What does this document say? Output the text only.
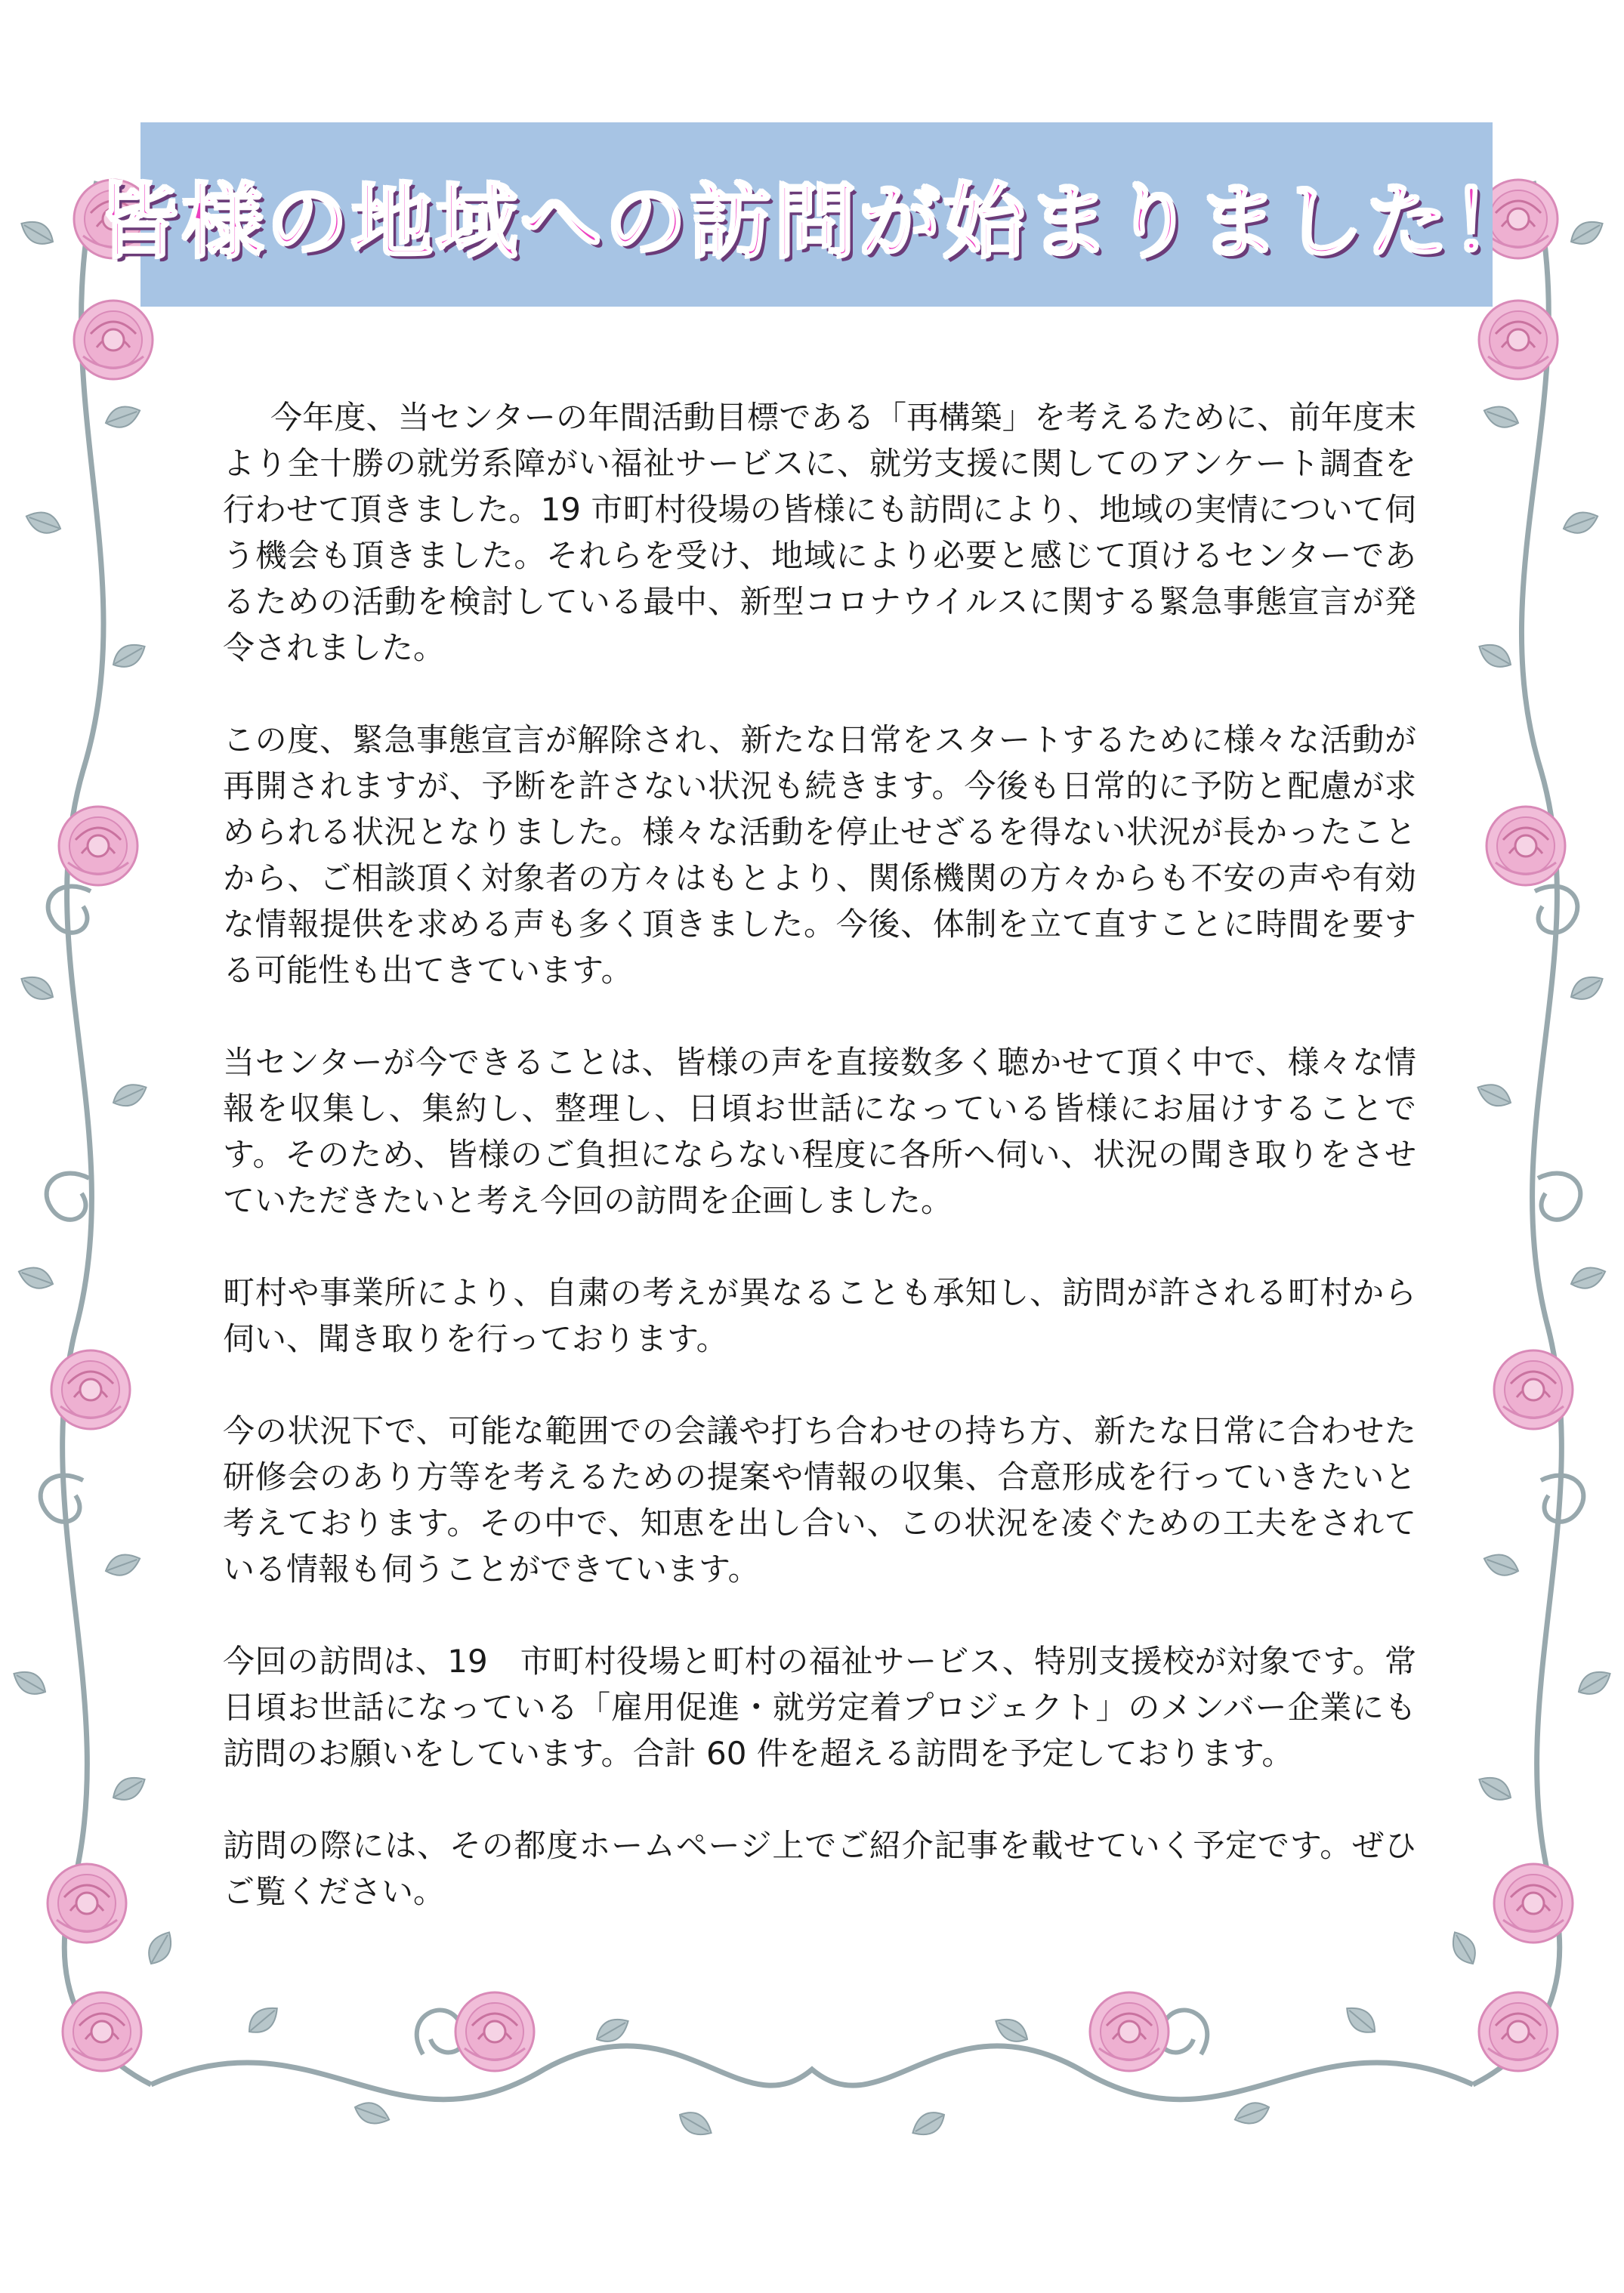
皆様の地域への訪問が始まりました！

今年度、当センターの年間活動目標である「再構築」を考えるために、前年度末より全十勝の就労系障がい福祉サービスに、就労支援に関してのアンケート調査を行わせて頂きました。19 市町村役場の皆様にも訪問により、地域の実情について伺う機会も頂きました。それらを受け、地域により必要と感じて頂けるセンターであるための活動を検討している最中、新型コロナウイルスに関する緊急事態宣言が発令されました。

この度、緊急事態宣言が解除され、新たな日常をスタートするために様々な活動が再開されますが、予断を許さない状況も続きます。今後も日常的に予防と配慮が求められる状況となりました。様々な活動を停止せざるを得ない状況が長かったことから、ご相談頂く対象者の方々はもとより、関係機関の方々からも不安の声や有効な情報提供を求める声も多く頂きました。今後、体制を立て直すことに時間を要する可能性も出てきています。

当センターが今できることは、皆様の声を直接数多く聴かせて頂く中で、様々な情報を収集し、集約し、整理し、日頃お世話になっている皆様にお届けすることです。そのため、皆様のご負担にならない程度に各所へ伺い、状況の聞き取りをさせていただきたいと考え今回の訪問を企画しました。

町村や事業所により、自粛の考えが異なることも承知し、訪問が許される町村から伺い、聞き取りを行っております。

今の状況下で、可能な範囲での会議や打ち合わせの持ち方、新たな日常に合わせた研修会のあり方等を考えるための提案や情報の収集、合意形成を行っていきたいと考えております。その中で、知恵を出し合い、この状況を凌ぐための工夫をされている情報も伺うことができています。

今回の訪問は、19　市町村役場と町村の福祉サービス、特別支援校が対象です。常日頃お世話になっている「雇用促進・就労定着プロジェクト」のメンバー企業にも訪問のお願いをしています。合計 60 件を超える訪問を予定しております。

訪問の際には、その都度ホームページ上でご紹介記事を載せていく予定です。ぜひご覧ください。
